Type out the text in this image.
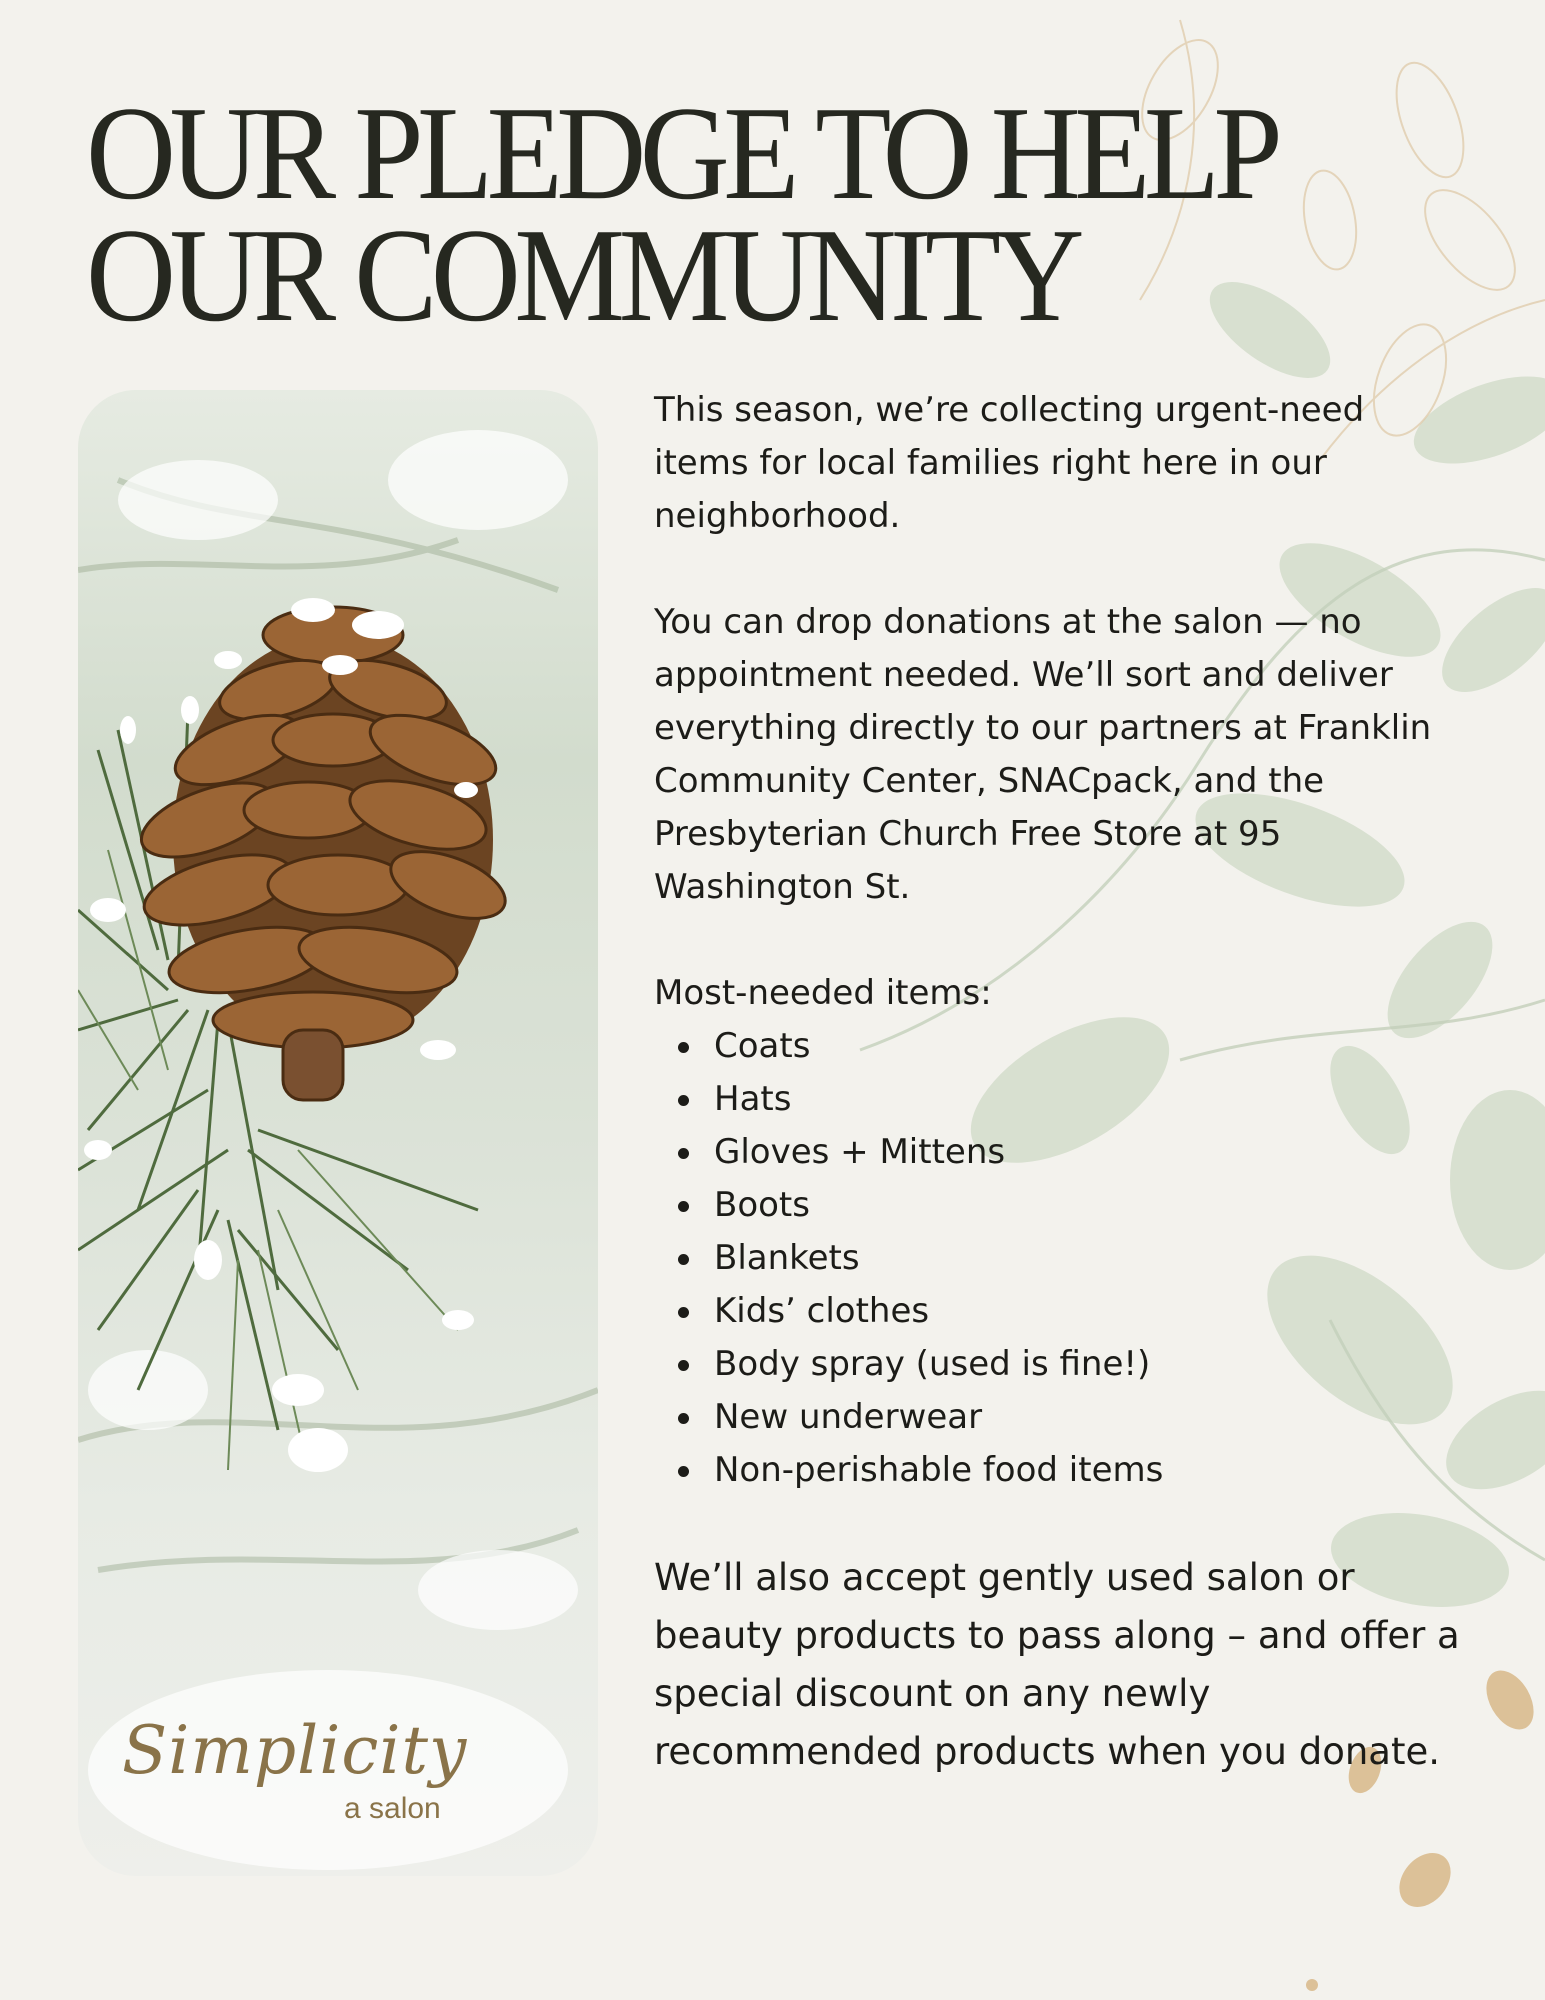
OUR PLEDGE TO HELP
OUR COMMUNITY
Simplicity
a salon

This season, we’re collecting urgent-need items for local families right here in our neighborhood.

You can drop donations at the salon — no appointment needed. We’ll sort and deliver everything directly to our partners at Franklin Community Center, SNACpack, and the Presbyterian Church Free Store at 95 Washington St.

Most-needed items:

Coats
Hats
Gloves + Mittens
Boots
Blankets
Kids’ clothes
Body spray (used is fine!)
New underwear
Non-perishable food items

We’ll also accept gently used salon or beauty products to pass along – and offer a special discount on any newly recommended products when you donate.
